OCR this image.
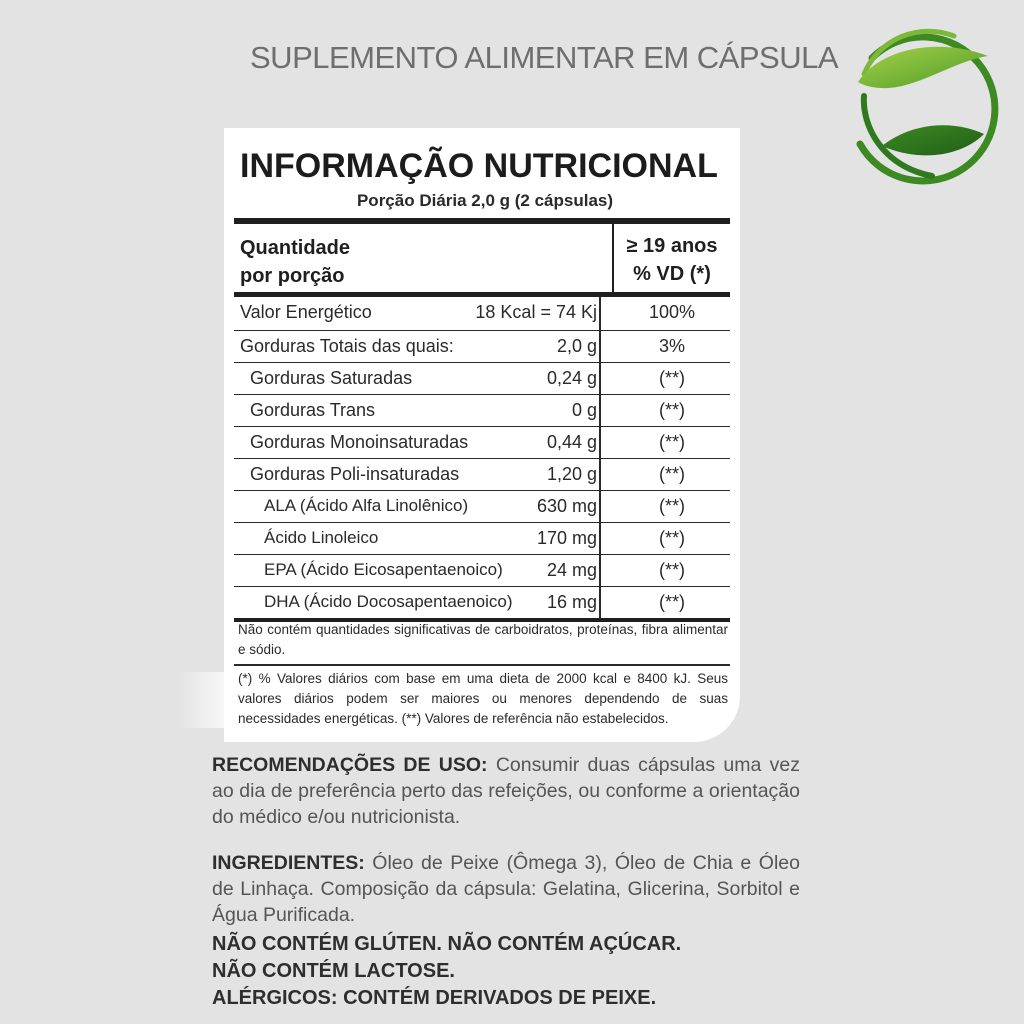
SUPLEMENTO ALIMENTAR EM CÁPSULA
INFORMAÇÃO NUTRICIONAL
Porção Diária 2,0 g (2 cápsulas)
Quantidade
por porção
≥ 19 anos
% VD (*)
Valor Energético	18 Kcal = 74 Kj	100%
Gorduras Totais das quais:	2,0 g	3%
Gorduras Saturadas	0,24 g	(**)
Gorduras Trans	0 g	(**)
Gorduras Monoinsaturadas	0,44 g	(**)
Gorduras Poli-insaturadas	1,20 g	(**)
ALA (Ácido Alfa Linolênico)	630 mg	(**)
Ácido Linoleico	170 mg	(**)
EPA (Ácido Eicosapentaenoico) 24 mg	(**)
DHA (Ácido Docosapentaenoico) 16 mg	(**)
Não contém quantidades significativas de carboidratos, proteínas, fibra alimentar e sódio.
(*) % Valores diários com base em uma dieta de 2000 kcal e 8400 kJ. Seus valores diários podem ser maiores ou menores dependendo de suas necessidades energéticas. (**) Valores de referência não estabelecidos.
RECOMENDAÇÕES DE USO: Consumir duas cápsulas uma vez ao dia de preferência perto das refeições, ou conforme a orientação do médico e/ou nutricionista.
INGREDIENTES: Óleo de Peixe (Ômega 3), Óleo de Chia e Óleo de Linhaça. Composição da cápsula: Gelatina, Glicerina, Sorbitol e Água Purificada.
NÃO CONTÉM GLÚTEN. NÃO CONTÉM AÇÚCAR.
NÃO CONTÉM LACTOSE.
ALÉRGICOS: CONTÉM DERIVADOS DE PEIXE.
